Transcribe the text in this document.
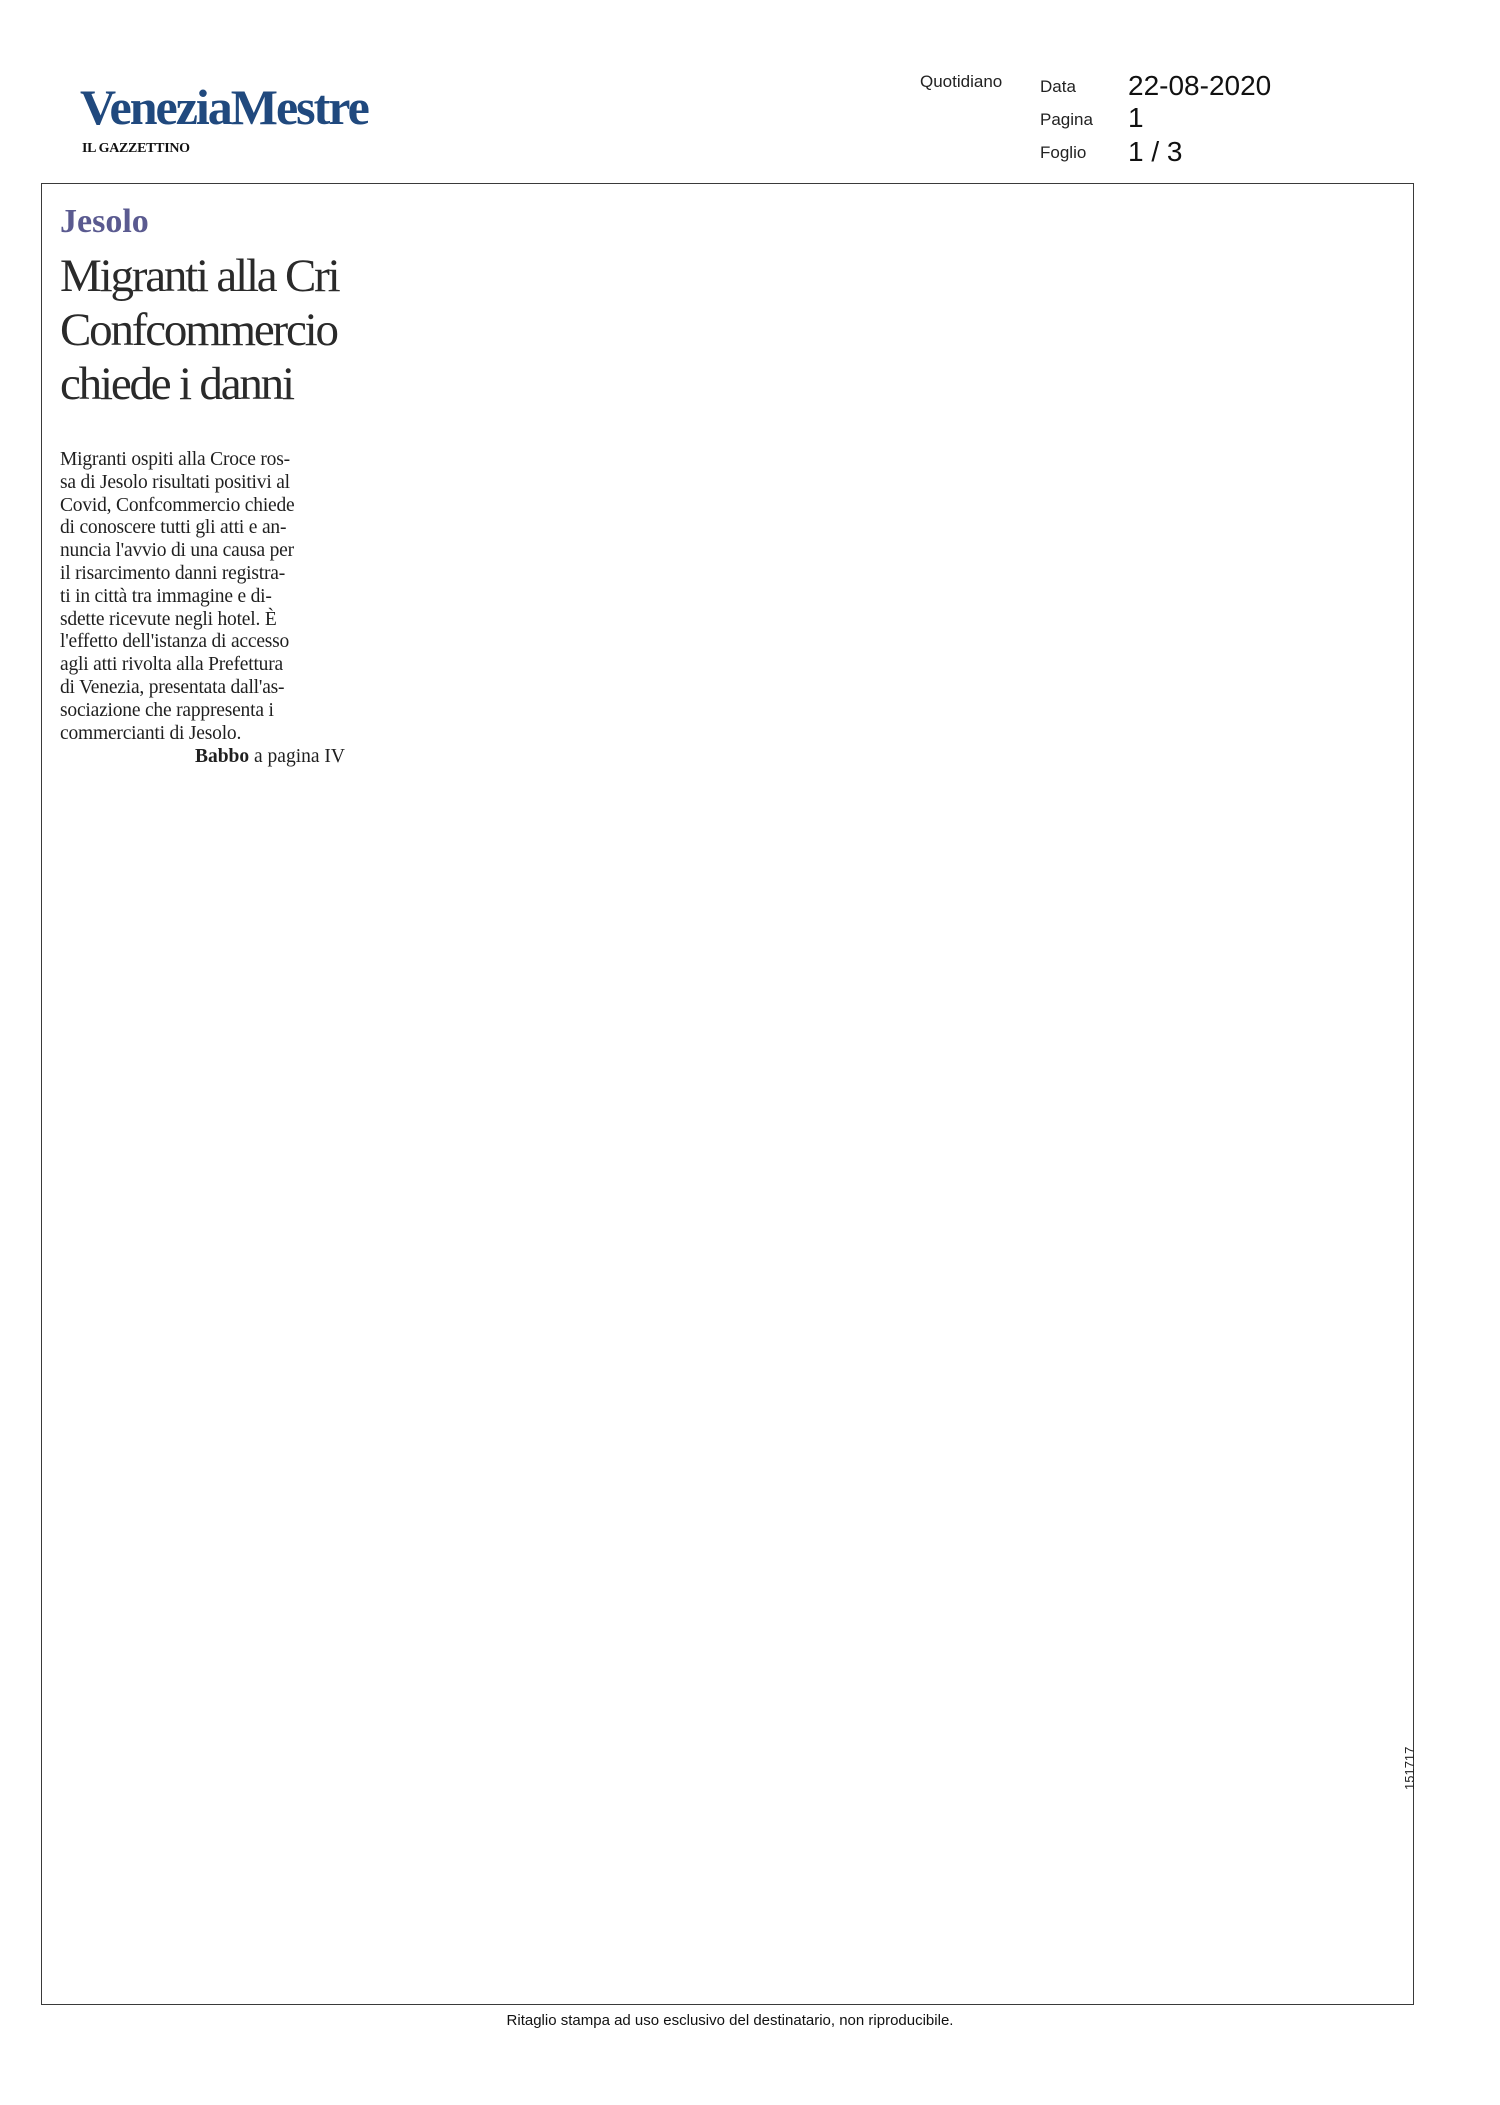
VeneziaMestre
IL GAZZETTINO
Quotidiano Data 22-08-2020
Pagina 1
Foglio 1 / 3
Jesolo
Migranti alla Cri
Confcommercio
chiede i danni
Migranti ospiti alla Croce ros-
sa di Jesolo risultati positivi al
Covid, Confcommercio chiede
di conoscere tutti gli atti e an-
nuncia l'avvio di una causa per
il risarcimento danni registra-
ti in città tra immagine e di-
sdette ricevute negli hotel. È
l'effetto dell'istanza di accesso
agli atti rivolta alla Prefettura
di Venezia, presentata dall'as-
sociazione che rappresenta i
commercianti di Jesolo.
Babbo a pagina IV
151717
Ritaglio stampa ad uso esclusivo del destinatario, non riproducibile.
